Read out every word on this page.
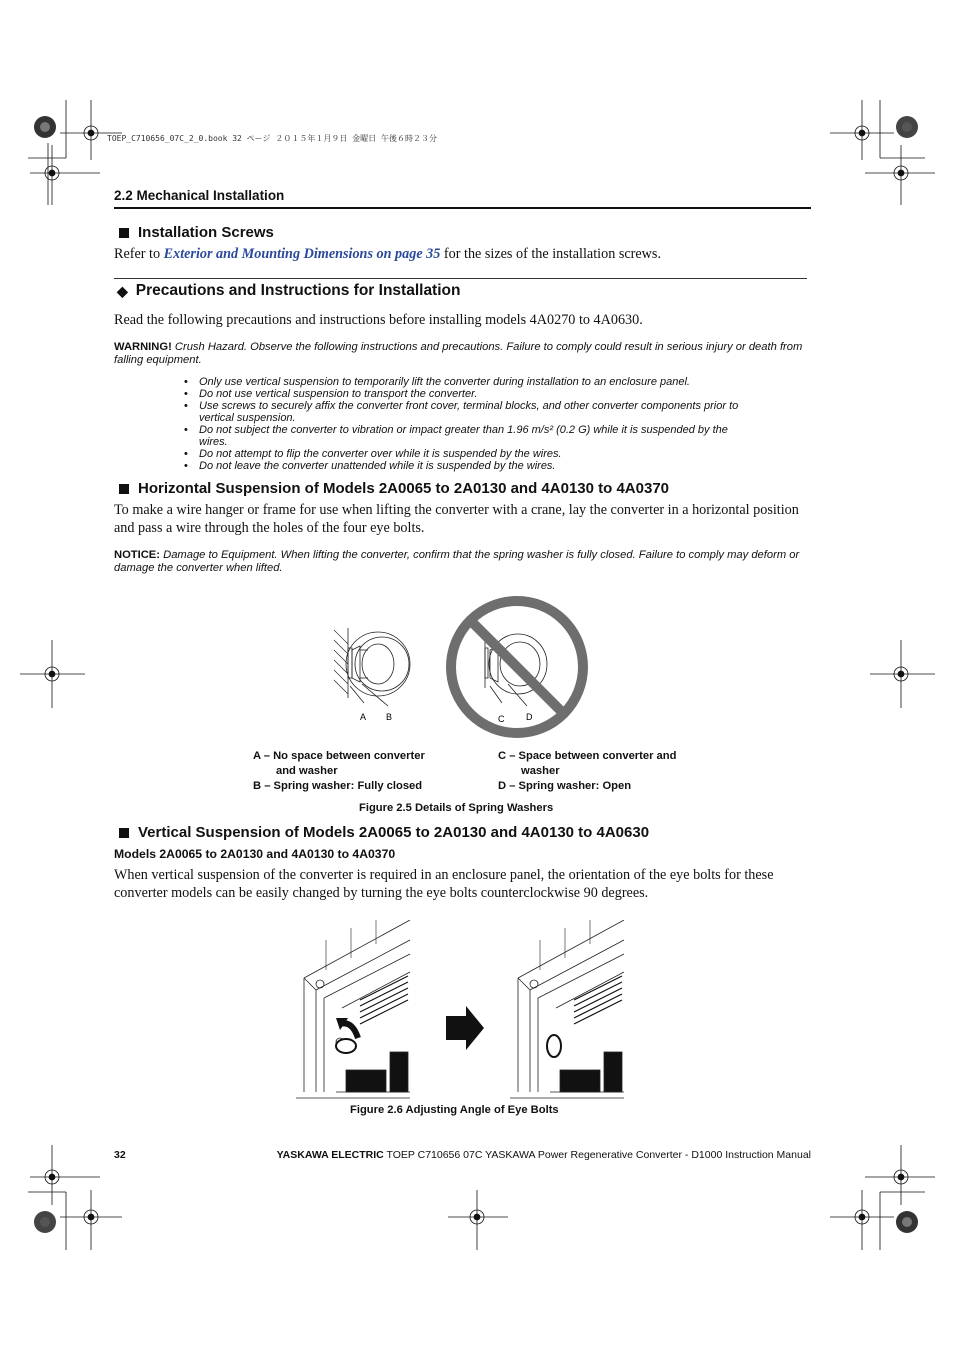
TOEP_C710656_07C_2_0.book 32 ページ ２０１５年１月９日 金曜日 午後６時２３分
2.2 Mechanical Installation
Installation Screws
Refer to Exterior and Mounting Dimensions on page 35 for the sizes of the installation screws.
◆ Precautions and Instructions for Installation
Read the following precautions and instructions before installing models 4A0270 to 4A0630.
WARNING! Crush Hazard. Observe the following instructions and precautions. Failure to comply could result in serious injury or death from falling equipment.
• Only use vertical suspension to temporarily lift the converter during installation to an enclosure panel.
• Do not use vertical suspension to transport the converter.
• Use screws to securely affix the converter front cover, terminal blocks, and other converter components prior to vertical suspension.
• Do not subject the converter to vibration or impact greater than 1.96 m/s² (0.2 G) while it is suspended by the wires.
• Do not attempt to flip the converter over while it is suspended by the wires.
• Do not leave the converter unattended while it is suspended by the wires.
Horizontal Suspension of Models 2A0065 to 2A0130 and 4A0130 to 4A0370
To make a wire hanger or frame for use when lifting the converter with a crane, lay the converter in a horizontal position and pass a wire through the holes of the four eye bolts.
NOTICE: Damage to Equipment. When lifting the converter, confirm that the spring washer is fully closed. Failure to comply may deform or damage the converter when lifted.
A B	C D
A – No space between converter
and washer
B – Spring washer: Fully closed
C – Space between converter and
washer
D – Spring washer: Open
Figure 2.5 Details of Spring Washers
Vertical Suspension of Models 2A0065 to 2A0130 and 4A0130 to 4A0630
Models 2A0065 to 2A0130 and 4A0130 to 4A0370
When vertical suspension of the converter is required in an enclosure panel, the orientation of the eye bolts for these converter models can be easily changed by turning the eye bolts counterclockwise 90 degrees.
Figure 2.6 Adjusting Angle of Eye Bolts
32	YASKAWA ELECTRIC TOEP C710656 07C YASKAWA Power Regenerative Converter - D1000 Instruction Manual
